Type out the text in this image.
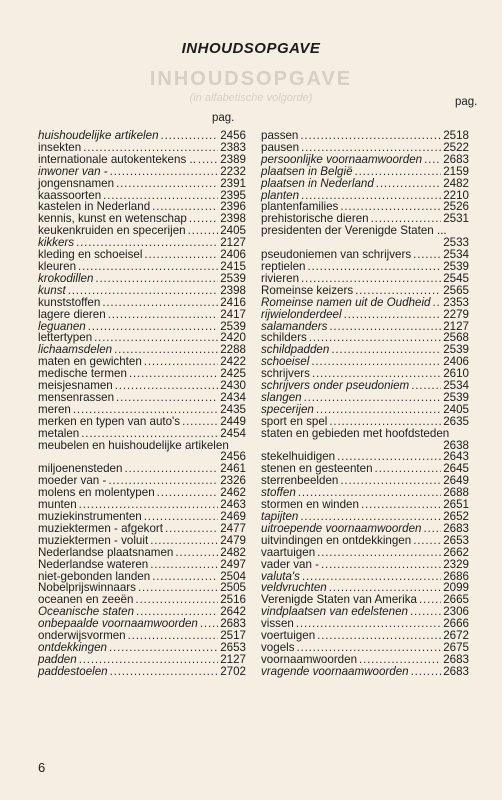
INHOUDSOPGAVE
(in alfabetische volgorde)
INHOUDSOPGAVE
pag.
pag.
huishoudelijke artikelen . . .	2456
insekten . . .	2383
internationale autokentekens .. . . . 2389
inwoner van - . . .	2232
jongensnamen . . .	2391
kaassoorten . . .	2395
kastelen in Nederland . . .	2396
kennis, kunst en wetenschap . . .	2398
keukenkruiden en specerijen . . .	2405
kikkers . . .	2127
kleding en schoeisel . . .	2406
kleuren . . .	2415
krokodillen . . .	2539
kunst . . .	2398
kunststoffen . . .	2416
lagere dieren . . .	2417
leguanen . . .	2539
lettertypen . . .	2420
lichaamsdelen . . .	2288
maten en gewichten . . .	2422
medische termen . . .	2425
meisjesnamen . . .	2430
mensenrassen . . .	2434
meren . . .	2435
merken en typen van auto's . . .	2449
metalen . . .	2454
meubelen en huishoudelijke artikelen
2456
miljoenensteden . . .	2461
moeder van - . . .	2326
molens en molentypen . . .	2462
munten . . .	2463
muziekinstrumenten . . .	2469
muziektermen - afgekort . . .	2477
muziektermen - voluit . . .	2479
Nederlandse plaatsnamen . . .	2482
Nederlandse wateren . . .	2497
niet-gebonden landen . . .	2504
Nobelprijswinnaars . . .	2505
oceanen en zeeën . . .	2516
Oceanische staten . . .	2642
onbepaalde voornaamwoorden . . . 2683
onderwijsvormen . . .	2517
ontdekkingen . . .	2653
padden . . .	2127
paddestoelen . . .	2702
passen . . .	2518
pausen . . .	2522
persoonlijke voornaamwoorden . . . 2683
plaatsen in België . . .	2159
plaatsen in Nederland . . .	2482
planten . . .	2210
plantenfamilies . . .	2526
prehistorische dieren . . .	2531
presidenten der Verenigde Staten ...
2533
pseudoniemen van schrijvers . . .	2534
reptielen . . .	2539
rivieren . . .	2545
Romeinse keizers . . .	2565
Romeinse namen uit de Oudheid . . . 2353
rijwielonderdeel . . .	2279
salamanders . . .	2127
schilders . . .	2568
schildpadden . . .	2539
schoeisel . . .	2406
schrijvers . . .	2610
schrijvers onder pseudoniem . . .	2534
slangen . . .	2539
specerijen . . .	2405
sport en spel . . .	2635
staten en gebieden met hoofdsteden
2638
stekelhuidigen . . .	2643
stenen en gesteenten . . .	2645
sterrenbeelden . . .	2649
stoffen . . .	2688
stormen en winden . . .	2651
tapijten . . .	2652
uitroepende voornaamwoorden . . . 2683
uitvindingen en ontdekkingen . . .	2653
vaartuigen . . .	2662
vader van - . . .	2329
valuta's . . .	2686
veldvruchten . . .	2099
Verenigde Staten van Amerika . . . 2665
vindplaatsen van edelstenen . . .	2306
vissen . . .	2666
voertuigen . . .	2672
vogels . . .	2675
voornaamwoorden . . .	2683
vragende voornaamwoorden . . .	2683
6
